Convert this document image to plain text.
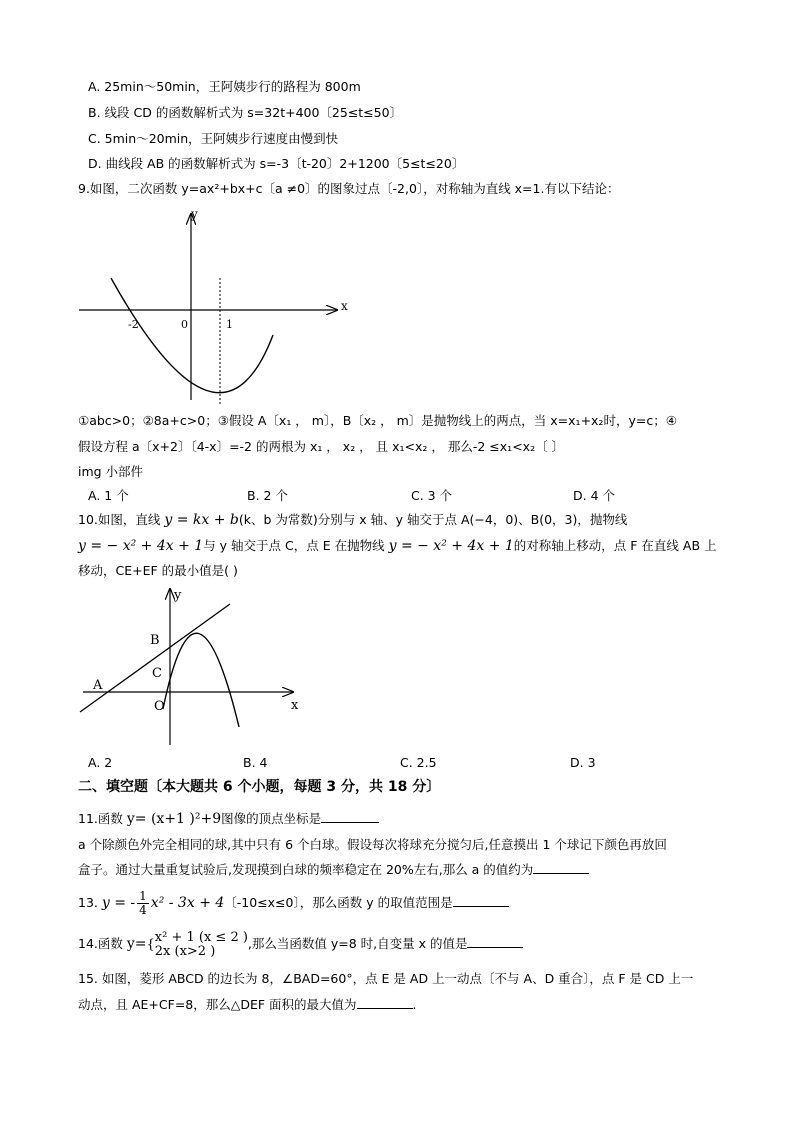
A. 25min～50min，王阿姨步行的路程为 800m
B. 线段 CD 的函数解析式为 s=32t+400〔25≤t≤50〕
C. 5min～20min，王阿姨步行速度由慢到快
D. 曲线段 AB 的函数解析式为 s=-3〔t-20〕2+1200〔5≤t≤20〕
9.如图，二次函数 y=ax²+bx+c〔a ≠0〕的图象过点〔-2,0〕，对称轴为直线 x=1.有以下结论：
y
x
-2	0	1
①abc>0；②8a+c>0；③假设 A〔x₁ ， m〕，B〔x₂ ， m〕是抛物线上的两点，当 x=x₁+x₂时，y=c；④
假设方程 a〔x+2〕〔4-x〕=-2 的两根为 x₁ ， x₂ ， 且 x₁<x₂ ， 那么-2 ≤x₁<x₂〔 〕
img 小部件
A. 1 个	B. 2 个	C. 3 个	D. 4 个
10.如图，直线 y = kx + b(k、b 为常数)分别与 x 轴、y 轴交于点 A(−4，0)、B(0，3)，抛物线
y = − x² + 4x + 1与 y 轴交于点 C，点 E 在抛物线 y = − x² + 4x + 1的对称轴上移动，点 F 在直线 AB 上
移动，CE+EF 的最小值是( )
y
x
A
B
C
O
A. 2	B. 4	C. 2.5	D. 3
二、填空题〔本大题共 6 个小题，每题 3 分，共 18 分〕
11.函数 y= (x+1 )²+9图像的顶点坐标是
a 个除颜色外完全相同的球,其中只有 6 个白球。假设每次将球充分搅匀后,任意摸出 1 个球记下颜色再放回
盒子。通过大量重复试验后,发现摸到白球的频率稳定在 20%左右,那么 a 的值约为
13. y = - $\frac{1}{4} x^2 - 3x + 4$〔-10≤x≤0〕，那么函数 y 的取值范围是
14.函数 y={ x² + 1 (x ≤ 2 )
2x (x>2 )	,那么当函数值 y=8 时,自变量 x 的值是
15. 如图，菱形 ABCD 的边长为 8，∠BAD=60°，点 E 是 AD 上一动点〔不与 A、D 重合〕，点 F 是 CD 上一
动点，且 AE+CF=8，那么△DEF 面积的最大值为	.
